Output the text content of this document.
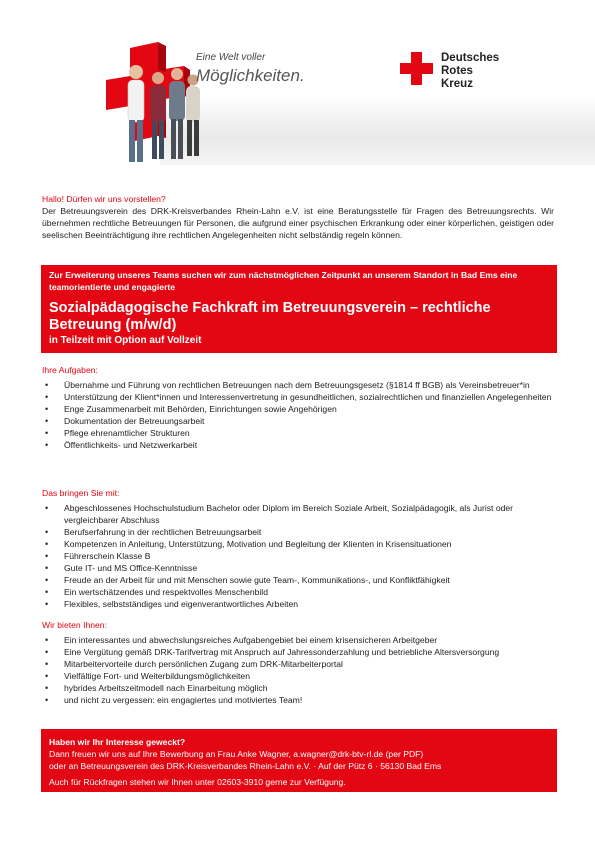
Eine Welt voller
Möglichkeiten.
Deutsches
Rotes
Kreuz
Hallo! Dürfen wir uns vorstellen?

Der Betreuungsverein des DRK-Kreisverbandes Rhein-Lahn e.V. ist eine Beratungsstelle für Fragen des Betreuungsrechts. Wir übernehmen rechtliche Betreuungen für Personen, die aufgrund einer psychischen Erkrankung oder einer körperlichen, geistigen oder seelischen Beeinträchtigung ihre rechtlichen Angelegenheiten nicht selbständig regeln können.

Zur Erweiterung unseres Teams suchen wir zum nächstmöglichen Zeitpunkt an unserem Standort in Bad Ems eine teamorientierte und engagierte
Sozialpädagogische Fachkraft im Betreuungsverein – rechtliche Betreuung (m/w/d)
in Teilzeit mit Option auf Vollzeit
Ihre Aufgaben:
• Übernahme und Führung von rechtlichen Betreuungen nach dem Betreuungsgesetz (§1814 ff BGB) als Vereinsbetreuer*in
• Unterstützung der Klient*innen und Interessenvertretung in gesundheitlichen, sozialrechtlichen und finanziellen Angelegenheiten
• Enge Zusammenarbeit mit Behörden, Einrichtungen sowie Angehörigen
• Dokumentation der Betreuungsarbeit
• Pflege ehrenamtlicher Strukturen
• Öffentlichkeits- und Netzwerkarbeit
Das bringen Sie mit:
• Abgeschlossenes Hochschulstudium Bachelor oder Diplom im Bereich Soziale Arbeit, Sozialpädagogik, als Jurist oder vergleichbarer Abschluss
• Berufserfahrung in der rechtlichen Betreuungsarbeit
• Kompetenzen in Anleitung, Unterstützung, Motivation und Begleitung der Klienten in Krisensituationen
• Führerschein Klasse B
• Gute IT- und MS Office-Kenntnisse
• Freude an der Arbeit für und mit Menschen sowie gute Team-, Kommunikations-, und Konfliktfähigkeit
• Ein wertschätzendes und respektvolles Menschenbild
• Flexibles, selbstständiges und eigenverantwortliches Arbeiten
Wir bieten Ihnen:
• Ein interessantes und abwechslungsreiches Aufgabengebiet bei einem krisensicheren Arbeitgeber
• Eine Vergütung gemäß DRK-Tarifvertrag mit Anspruch auf Jahressonderzahlung und betriebliche Altersversorgung
• Mitarbeitervorteile durch persönlichen Zugang zum DRK-Mitarbeiterportal
• Vielfältige Fort- und Weiterbildungsmöglichkeiten
• hybrides Arbeitszeitmodell nach Einarbeitung möglich
• und nicht zu vergessen: ein engagiertes und motiviertes Team!
Haben wir Ihr Interesse geweckt?
Dann freuen wir uns auf Ihre Bewerbung an Frau Anke Wagner, a.wagner@drk-btv-rl.de (per PDF)
oder an Betreuungsverein des DRK-Kreisverbandes Rhein-Lahn e.V. · Auf der Pütz 6 · 56130 Bad Ems
Auch für Rückfragen stehen wir Ihnen unter 02603-3910 gerne zur Verfügung.
